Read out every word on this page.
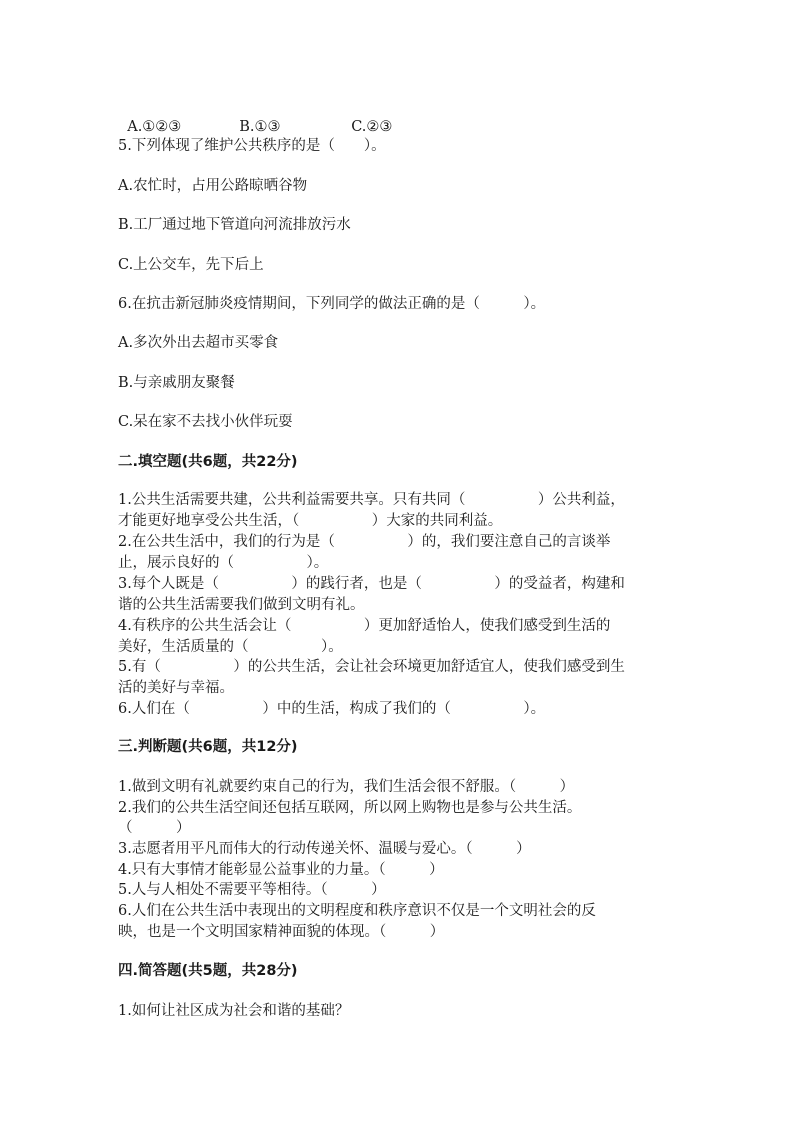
A.①②③	B.①③	C.②③

5.下列体现了维护公共秩序的是（　　）。
A.农忙时，占用公路晾晒谷物
B.工厂通过地下管道向河流排放污水
C.上公交车，先下后上
6.在抗击新冠肺炎疫情期间，下列同学的做法正确的是（　　　）。
A.多次外出去超市买零食
B.与亲戚朋友聚餐
C.呆在家不去找小伙伴玩耍
二.填空题(共6题，共22分)
1.公共生活需要共建，公共利益需要共享。只有共同（　　　　　）公共利益，
才能更好地享受公共生活，（　　　　　）大家的共同利益。
2.在公共生活中，我们的行为是（　　　　　）的，我们要注意自己的言谈举
止，展示良好的（　　　　　）。
3.每个人既是（　　　　　）的践行者，也是（　　　　　）的受益者，构建和
谐的公共生活需要我们做到文明有礼。
4.有秩序的公共生活会让（　　　　　）更加舒适怡人，使我们感受到生活的
美好，生活质量的（　　　　　）。
5.有（　　　　　）的公共生活，会让社会环境更加舒适宜人，使我们感受到生
活的美好与幸福。
6.人们在（　　　　　）中的生活，构成了我们的（　　　　　）。
三.判断题(共6题，共12分)
1.做到文明有礼就要约束自己的行为，我们生活会很不舒服。（　　　）
2.我们的公共生活空间还包括互联网，所以网上购物也是参与公共生活。
（　　　）
3.志愿者用平凡而伟大的行动传递关怀、温暖与爱心。（　　　）
4.只有大事情才能彰显公益事业的力量。（　　　）
5.人与人相处不需要平等相待。（　　　）
6.人们在公共生活中表现出的文明程度和秩序意识不仅是一个文明社会的反
映，也是一个文明国家精神面貌的体现。（　　　）
四.简答题(共5题，共28分)
1.如何让社区成为社会和谐的基础？
